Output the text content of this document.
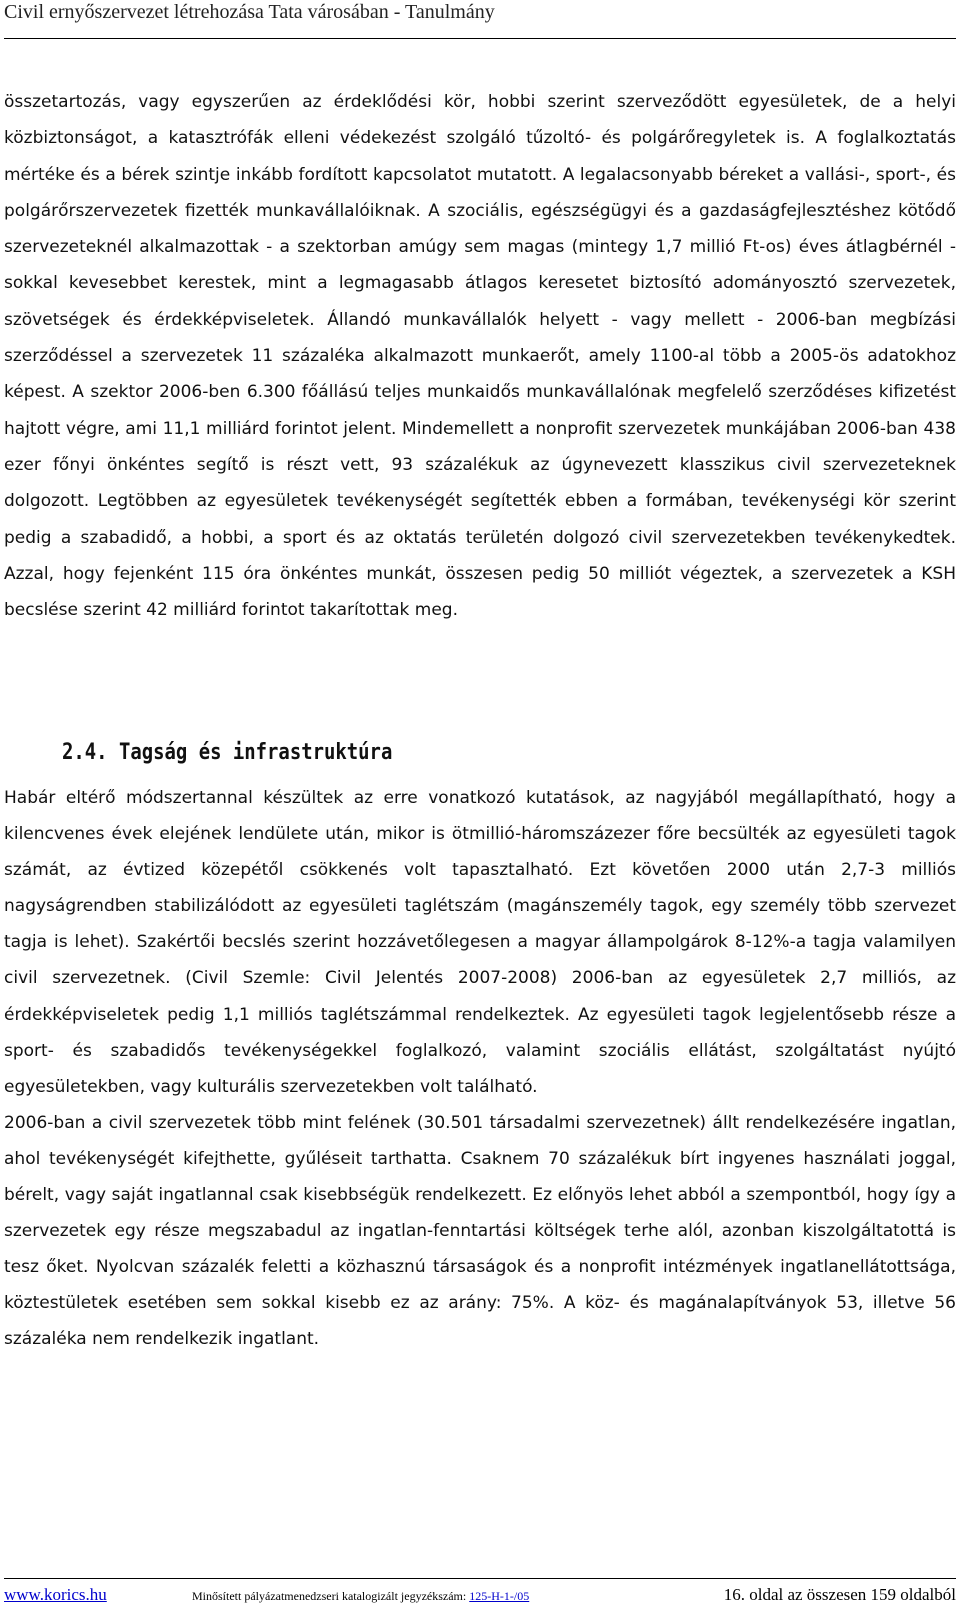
Civil ernyőszervezet létrehozása Tata városában - Tanulmány

összetartozás, vagy egyszerűen az érdeklődési kör, hobbi szerint szerveződött egyesületek, de a helyi közbiztonságot, a katasztrófák elleni védekezést szolgáló tűzoltó- és polgárőregyletek is. A foglalkoztatás mértéke és a bérek szintje inkább fordított kapcsolatot mutatott. A legalacsonyabb béreket a vallási-, sport-, és polgárőrszervezetek fizették munkavállalóiknak. A szociális, egészségügyi és a gazdaságfejlesztéshez kötődő szervezeteknél alkalmazottak - a szektorban amúgy sem magas (mintegy 1,7 millió Ft-os) éves átlagbérnél - sokkal kevesebbet kerestek, mint a legmagasabb átlagos keresetet biztosító adományosztó szervezetek, szövetségek és érdekképviseletek. Állandó munkavállalók helyett - vagy mellett - 2006-ban megbízási szerződéssel a szervezetek 11 százaléka alkalmazott munkaerőt, amely 1100-al több a 2005-ös adatokhoz képest. A szektor 2006-ben 6.300 főállású teljes munkaidős munkavállalónak megfelelő szerződéses kifizetést hajtott végre, ami 11,1 milliárd forintot jelent. Mindemellett a nonprofit szervezetek munkájában 2006-ban 438 ezer főnyi önkéntes segítő is részt vett, 93 százalékuk az úgynevezett klasszikus civil szervezeteknek dolgozott. Legtöbben az egyesületek tevékenységét segítették ebben a formában, tevékenységi kör szerint pedig a szabadidő, a hobbi, a sport és az oktatás területén dolgozó civil szervezetekben tevékenykedtek. Azzal, hogy fejenként 115 óra önkéntes munkát, összesen pedig 50 milliót végeztek, a szervezetek a KSH becslése szerint 42 milliárd forintot takarítottak meg.

2.4. Tagság és infrastruktúra

Habár eltérő módszertannal készültek az erre vonatkozó kutatások, az nagyjából megállapítható, hogy a kilencvenes évek elejének lendülete után, mikor is ötmillió-háromszázezer főre becsülték az egyesületi tagok számát, az évtized közepétől csökkenés volt tapasztalható. Ezt követően 2000 után 2,7-3 milliós nagyságrendben stabilizálódott az egyesületi taglétszám (magánszemély tagok, egy személy több szervezet tagja is lehet). Szakértői becslés szerint hozzávetőlegesen a magyar állampolgárok 8-12%-a tagja valamilyen civil szervezetnek. (Civil Szemle: Civil Jelentés 2007-2008) 2006-ban az egyesületek 2,7 milliós, az érdekképviseletek pedig 1,1 milliós taglétszámmal rendelkeztek. Az egyesületi tagok legjelentősebb része a sport- és szabadidős tevékenységekkel foglalkozó, valamint szociális ellátást, szolgáltatást nyújtó egyesületekben, vagy kulturális szervezetekben volt található.

2006-ban a civil szervezetek több mint felének (30.501 társadalmi szervezetnek) állt rendelkezésére ingatlan, ahol tevékenységét kifejthette, gyűléseit tarthatta. Csaknem 70 százalékuk bírt ingyenes használati joggal, bérelt, vagy saját ingatlannal csak kisebbségük rendelkezett. Ez előnyös lehet abból a szempontból, hogy így a szervezetek egy része megszabadul az ingatlan-fenntartási költségek terhe alól, azonban kiszolgáltatottá is tesz őket. Nyolcvan százalék feletti a közhasznú társaságok és a nonprofit intézmények ingatlanellátottsága, köztestületek esetében sem sokkal kisebb ez az arány: 75%. A köz- és magánalapítványok 53, illetve 56 százaléka nem rendelkezik ingatlant.

www.korics.hu	Minősített pályázatmenedzseri katalogizált jegyzékszám: 125-H-1-/05	16. oldal az összesen 159 oldalból
